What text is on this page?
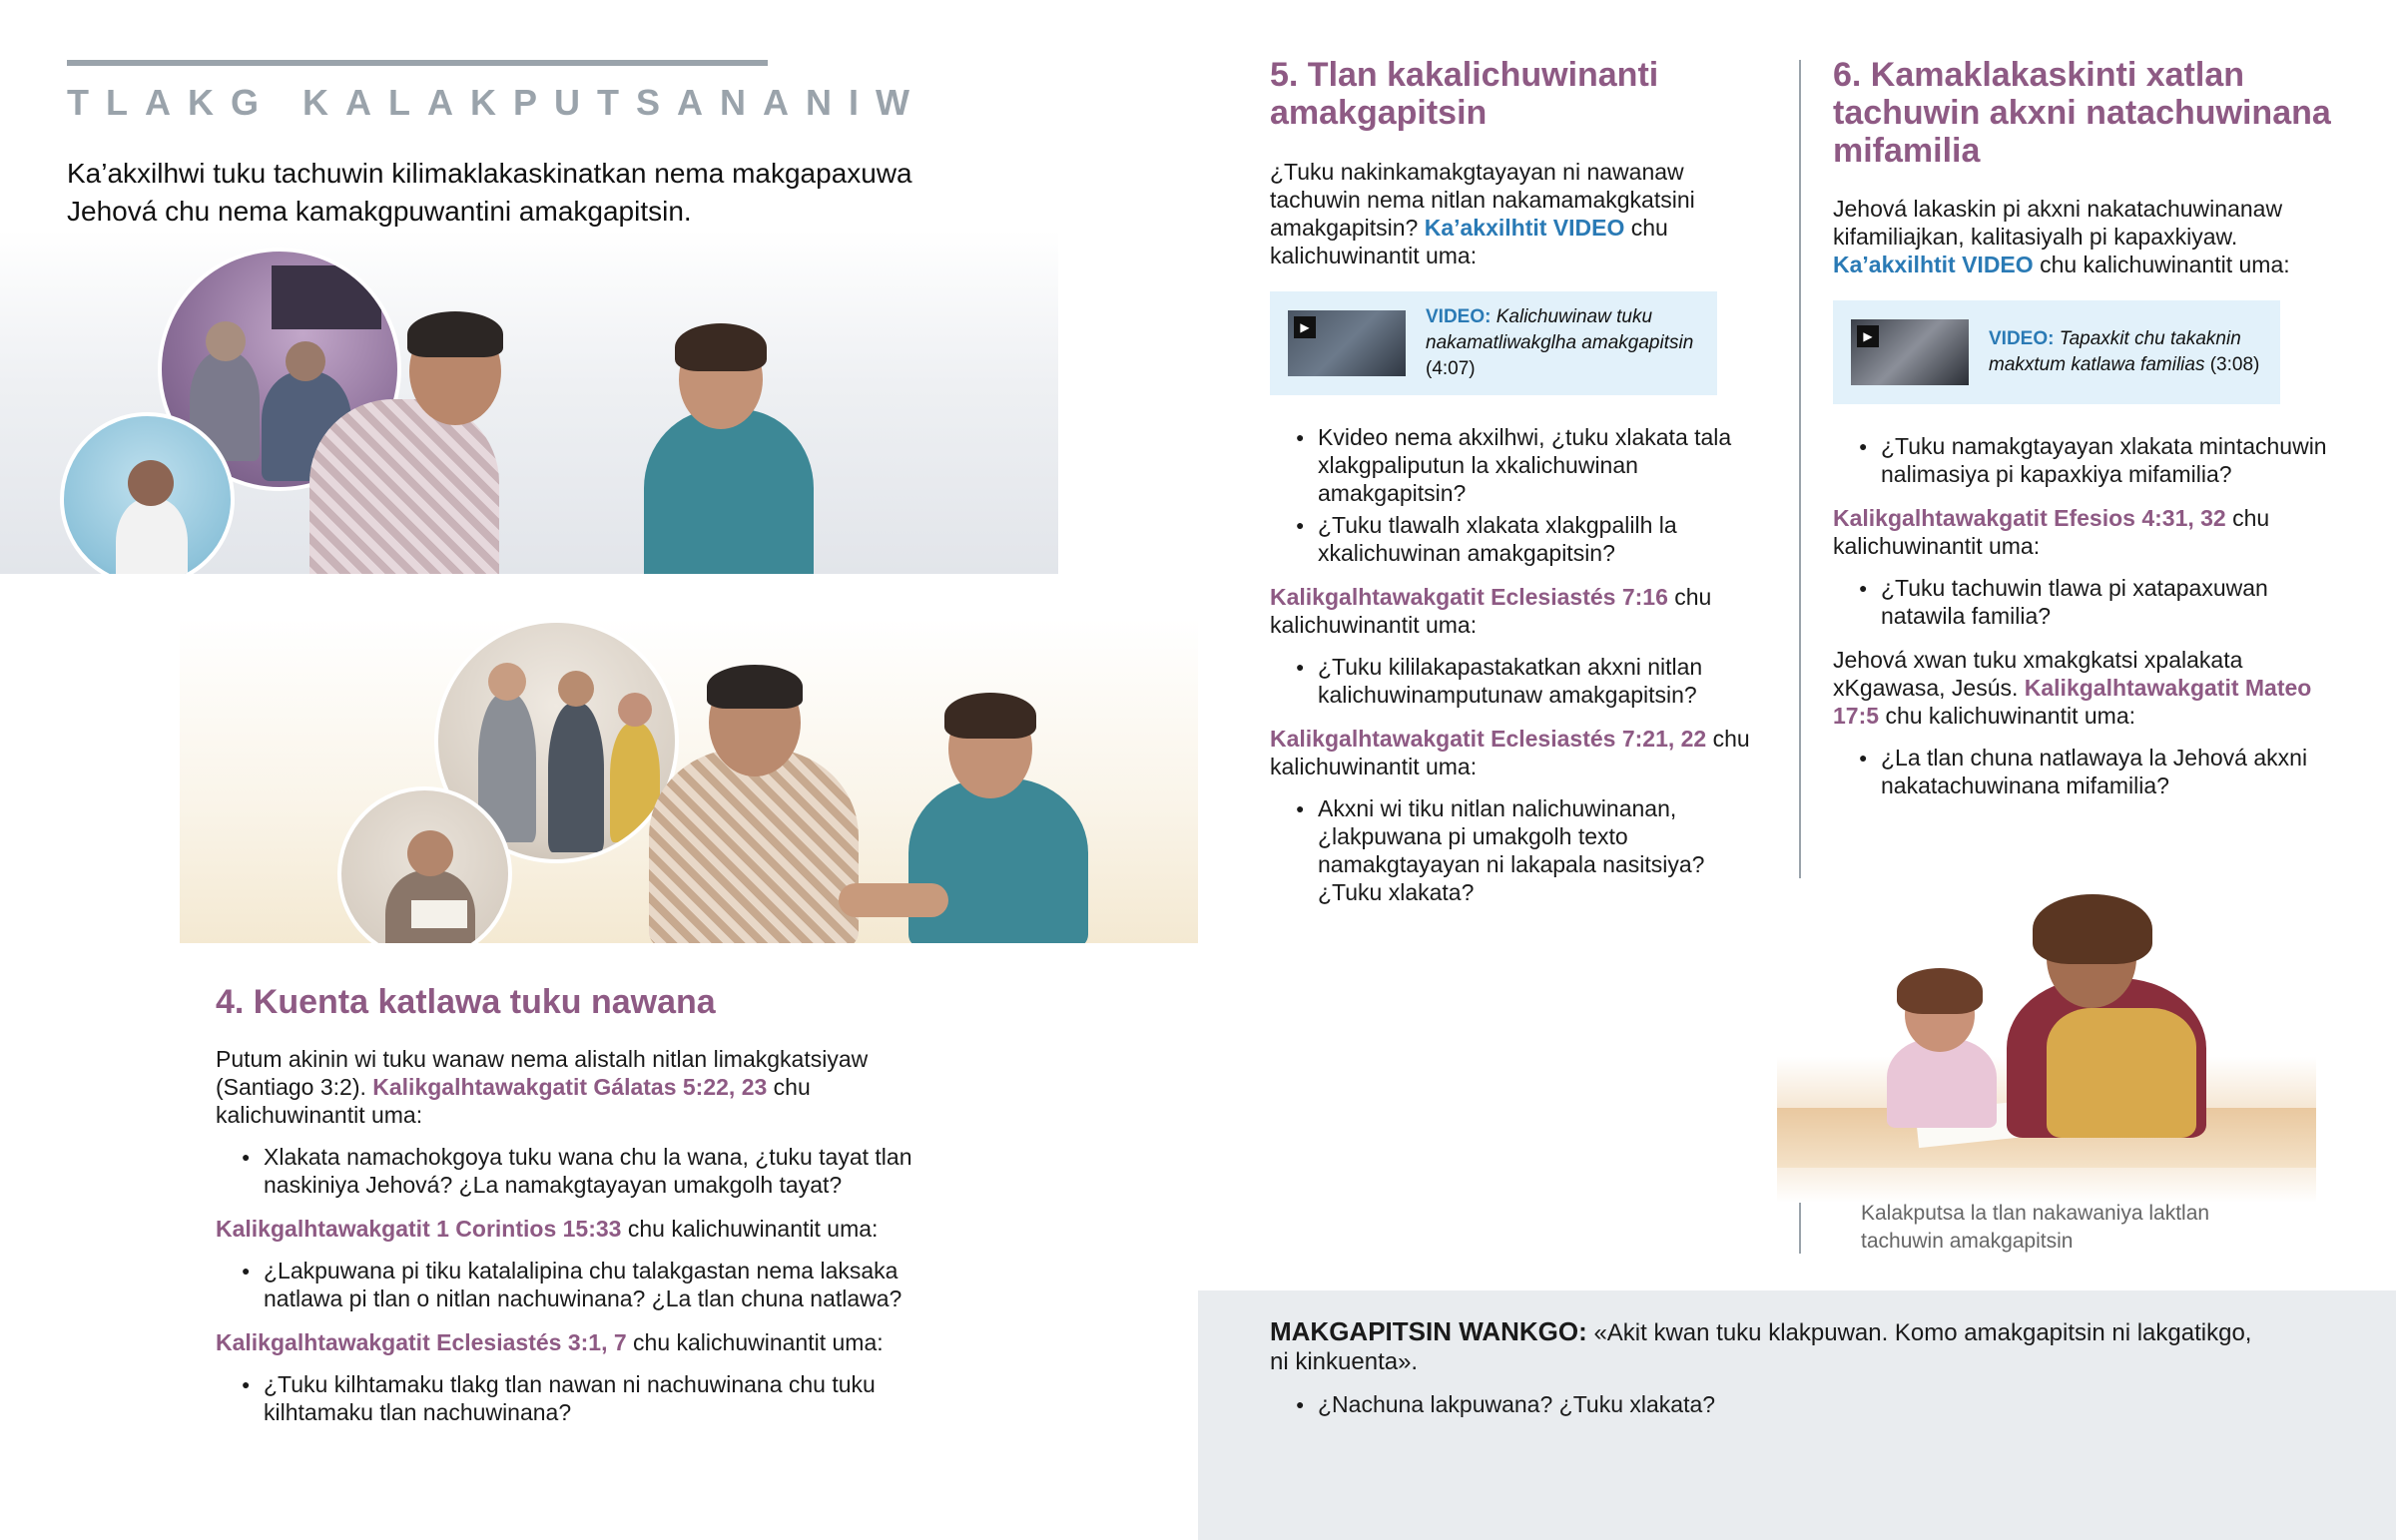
TLAKG KALAKPUTSANANIW
Ka’akxilhwi tuku tachuwin kilimaklakaskinatkan nema makgapaxuwa Jehová chu nema kamakgpuwantini amakgapitsin.
4. Kuenta katlawa tuku nawana

Putum akinin wi tuku wanaw nema alistalh nitlan limakgkatsiyaw (Santiago 3:2). Kalikgalhtawakgatit Gálatas 5:22, 23 chu kalichuwinantit uma:

● Xlakata namachokgoya tuku wana chu la wana, ¿tuku tayat tlan naskiniya Jehová? ¿La namakgtayayan umakgolh tayat?

Kalikgalhtawakgatit 1 Corintios 15:33 chu kalichuwinantit uma:

● ¿Lakpuwana pi tiku katalalipina chu talakgastan nema laksaka natlawa pi tlan o nitlan nachuwinana? ¿La tlan chuna natlawa?

Kalikgalhtawakgatit Eclesiastés 3:1, 7 chu kalichuwinantit uma:

● ¿Tuku kilhtamaku tlakg tlan nawan ni nachuwinana chu tuku kilhtamaku tlan nachuwinana?
5. Tlan kakalichuwinanti amakgapitsin

¿Tuku nakinkamakgtayayan ni nawanaw tachuwin nema nitlan nakamamakgkatsini amakgapitsin? Ka’akxilhtit VIDEO chu kalichuwinantit uma:

▶	VIDEO: Kalichuwinaw tuku nakamatliwakglha amakgapitsin (4:07)
● Kvideo nema akxilhwi, ¿tuku xlakata tala xlakgpaliputun la xkalichuwinan amakgapitsin?
● ¿Tuku tlawalh xlakata xlakgpalilh la xkalichuwinan amakgapitsin?

Kalikgalhtawakgatit Eclesiastés 7:16 chu kalichuwinantit uma:

● ¿Tuku kililakapastakatkan akxni nitlan kalichuwinamputunaw amakgapitsin?

Kalikgalhtawakgatit Eclesiastés 7:21, 22 chu kalichuwinantit uma:

● Akxni wi tiku nitlan nalichuwinanan, ¿lakpuwana pi umakgolh texto namakgtayayan ni lakapala nasitsiya? ¿Tuku xlakata?
6. Kamaklakaskinti xatlan tachuwin akxni natachuwinana mifamilia

Jehová lakaskin pi akxni nakatachuwinanaw kifamiliajkan, kalitasiyalh pi kapaxkiyaw. Ka’akxilhtit VIDEO chu kalichuwinantit uma:

▶	VIDEO: Tapaxkit chu takaknin makxtum katlawa familias (3:08)
● ¿Tuku namakgtayayan xlakata mintachuwin nalimasiya pi kapaxkiya mifamilia?

Kalikgalhtawakgatit Efesios 4:31, 32 chu kalichuwinantit uma:

● ¿Tuku tachuwin tlawa pi xatapaxuwan natawila familia?

Jehová xwan tuku xmakgkatsi xpalakata xKgawasa, Jesús. Kalikgalhtawakgatit Mateo 17:5 chu kalichuwinantit uma:

● ¿La tlan chuna natlawaya la Jehová akxni nakatachuwinana mifamilia?
Kalakputsa la tlan nakawaniya laktlan tachuwin amakgapitsin

MAKGAPITSIN WANKGO: «Akit kwan tuku klakpuwan. Komo amakgapitsin ni lakgatikgo, ni kinkuenta».

● ¿Nachuna lakpuwana? ¿Tuku xlakata?
